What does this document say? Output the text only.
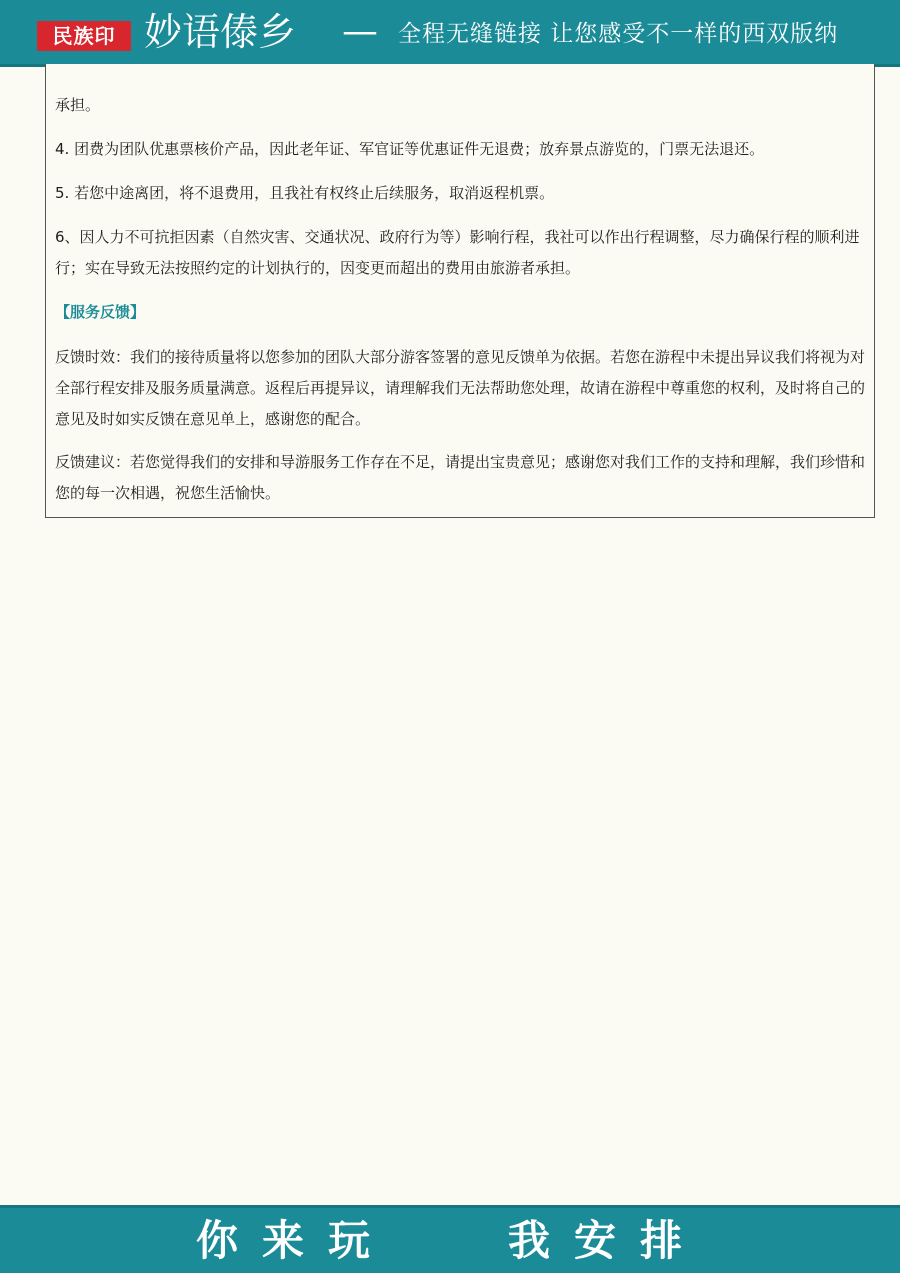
民族印 妙语傣乡 — 全程无缝链接 让您感受不一样的西双版纳

承担。

4. 团费为团队优惠票核价产品，因此老年证、军官证等优惠证件无退费；放弃景点游览的，门票无法退还。

5. 若您中途离团，将不退费用，且我社有权终止后续服务，取消返程机票。

6、因人力不可抗拒因素（自然灾害、交通状况、政府行为等）影响行程，我社可以作出行程调整，尽力确保行程的顺利进行；实在导致无法按照约定的计划执行的，因变更而超出的费用由旅游者承担。

【服务反馈】

反馈时效：我们的接待质量将以您参加的团队大部分游客签署的意见反馈单为依据。若您在游程中未提出异议我们将视为对全部行程安排及服务质量满意。返程后再提异议，请理解我们无法帮助您处理，故请在游程中尊重您的权利，及时将自己的意见及时如实反馈在意见单上，感谢您的配合。

反馈建议：若您觉得我们的安排和导游服务工作存在不足，请提出宝贵意见；感谢您对我们工作的支持和理解，我们珍惜和您的每一次相遇，祝您生活愉快。

你来玩	我安排
